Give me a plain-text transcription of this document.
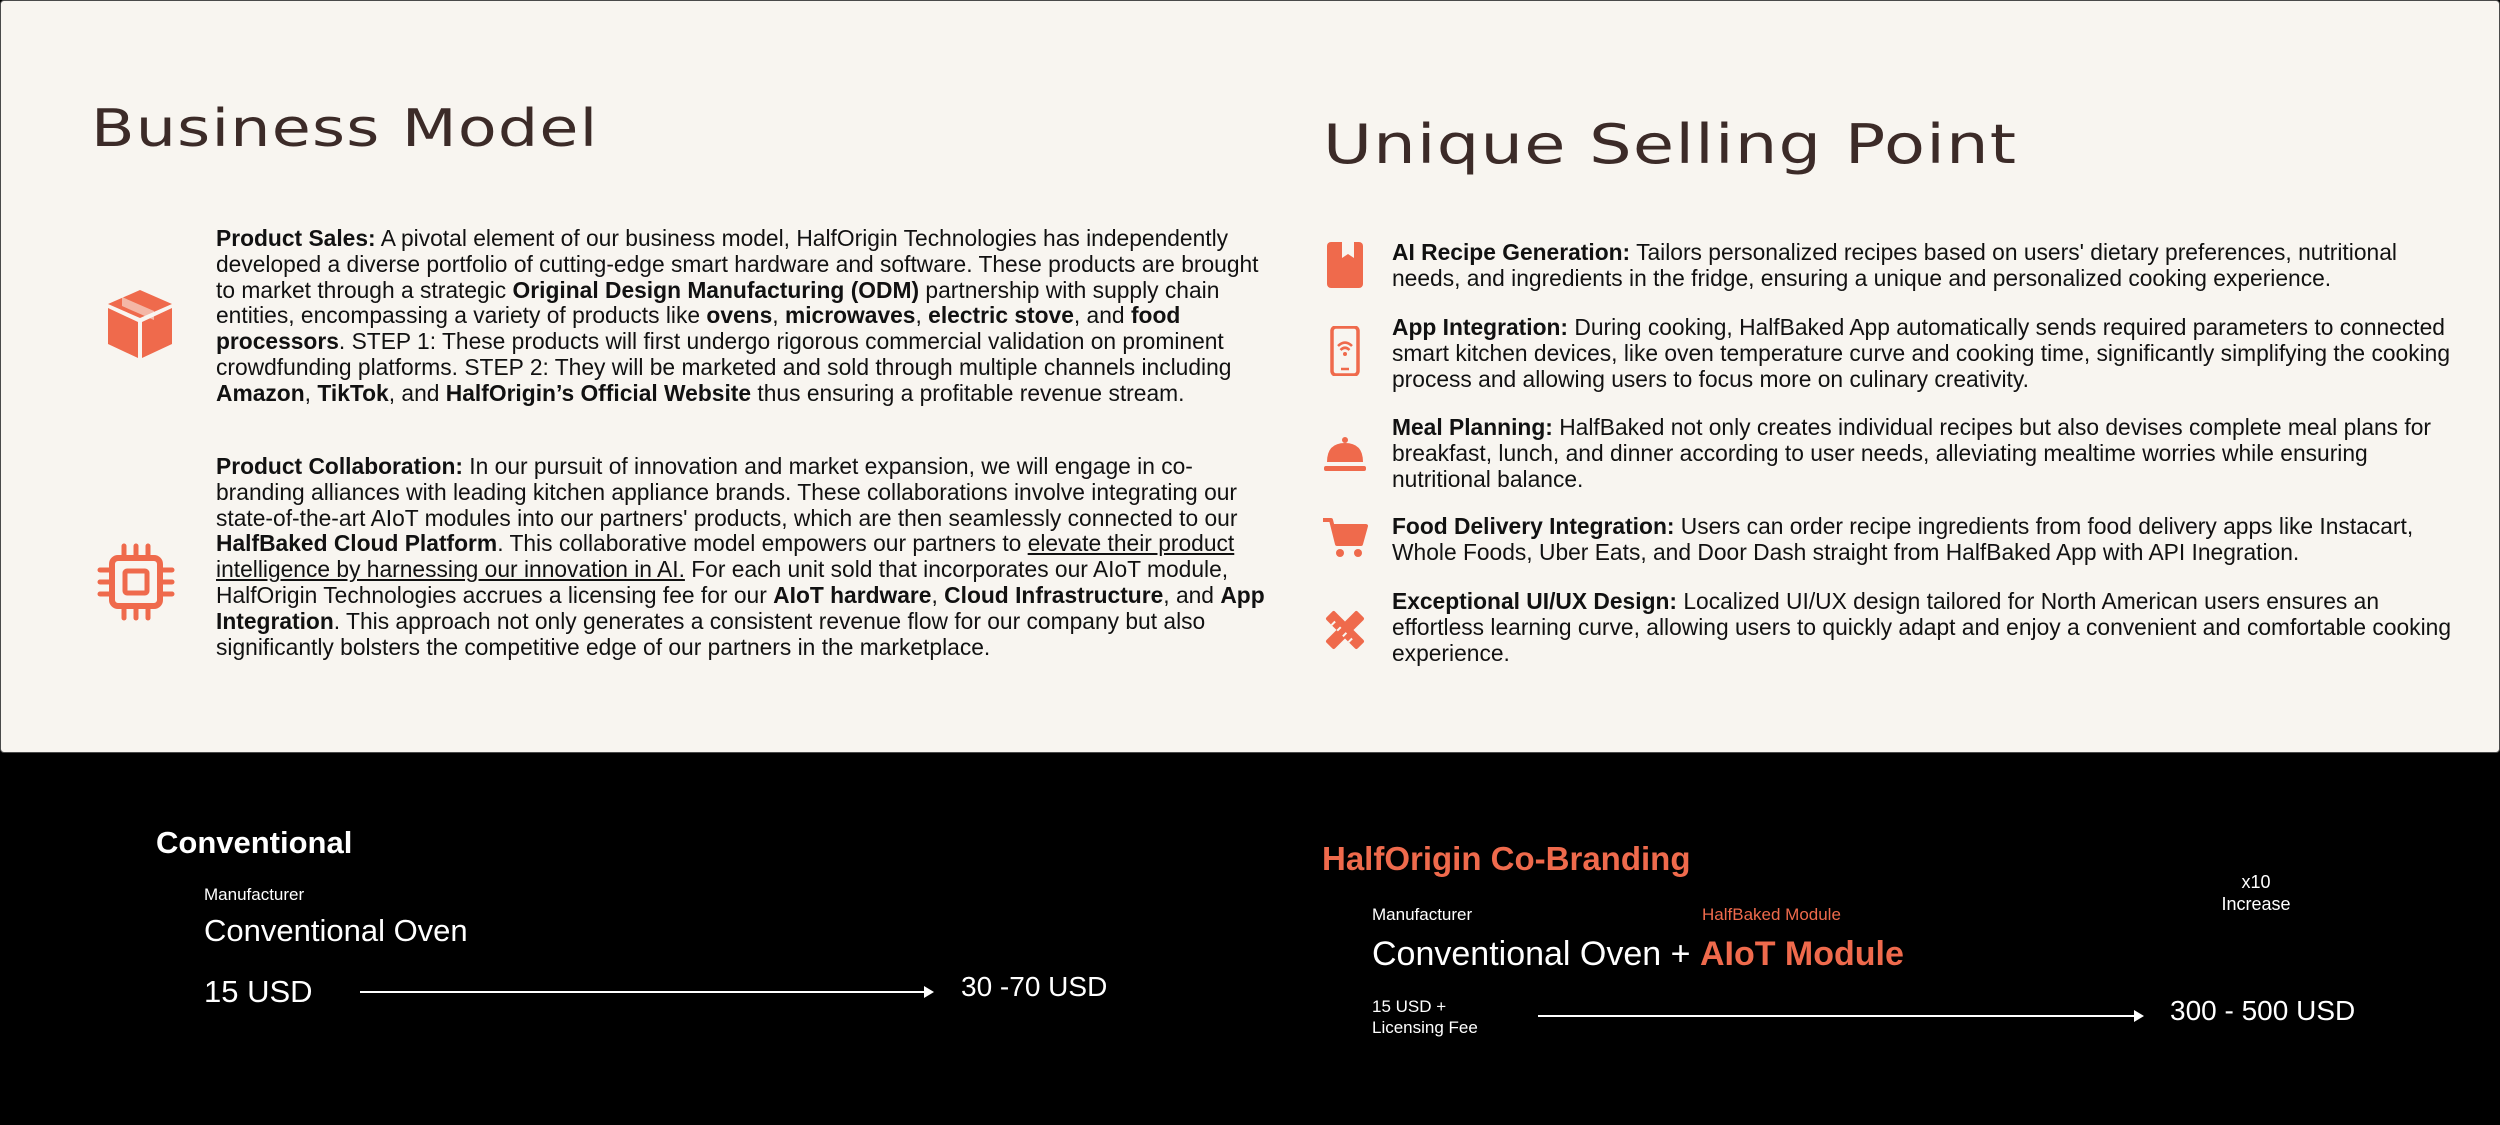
Business Model	Unique Selling Point
Product Sales: A pivotal element of our business model, HalfOrigin Technologies has independently developed a diverse portfolio of cutting-edge smart hardware and software. These products are brought to market through a strategic Original Design Manufacturing (ODM) partnership with supply chain entities, encompassing a variety of products like ovens, microwaves, electric stove, and food processors. STEP 1: These products will first undergo rigorous commercial validation on prominent crowdfunding platforms. STEP 2: They will be marketed and sold through multiple channels including Amazon, TikTok, and HalfOrigin’s Official Website thus ensuring a profitable revenue stream.
Product Collaboration: In our pursuit of innovation and market expansion, we will engage in co-branding alliances with leading kitchen appliance brands. These collaborations involve integrating our state-of-the-art AIoT modules into our partners' products, which are then seamlessly connected to our HalfBaked Cloud Platform. This collaborative model empowers our partners to elevate their product intelligence by harnessing our innovation in AI. For each unit sold that incorporates our AIoT module, HalfOrigin Technologies accrues a licensing fee for our AIoT hardware, Cloud Infrastructure, and App Integration. This approach not only generates a consistent revenue flow for our company but also significantly bolsters the competitive edge of our partners in the marketplace.
AI Recipe Generation: Tailors personalized recipes based on users' dietary preferences, nutritional needs, and ingredients in the fridge, ensuring a unique and personalized cooking experience.
App Integration: During cooking, HalfBaked App automatically sends required parameters to connected smart kitchen devices, like oven temperature curve and cooking time, significantly simplifying the cooking process and allowing users to focus more on culinary creativity.
Meal Planning: HalfBaked not only creates individual recipes but also devises complete meal plans for breakfast, lunch, and dinner according to user needs, alleviating mealtime worries while ensuring nutritional balance.
Food Delivery Integration: Users can order recipe ingredients from food delivery apps like Instacart, Whole Foods, Uber Eats, and Door Dash straight from HalfBaked App with API Inegration.
Exceptional UI/UX Design: Localized UI/UX design tailored for North American users ensures an effortless learning curve, allowing users to quickly adapt and enjoy a convenient and comfortable cooking experience.
Conventional
Manufacturer
Conventional Oven
15 USD	30 -70 USD
HalfOrigin Co-Branding
Manufacturer	HalfBaked Module
x10
Increase
Conventional Oven + AIoT Module
15 USD +
Licensing Fee
300 - 500 USD
